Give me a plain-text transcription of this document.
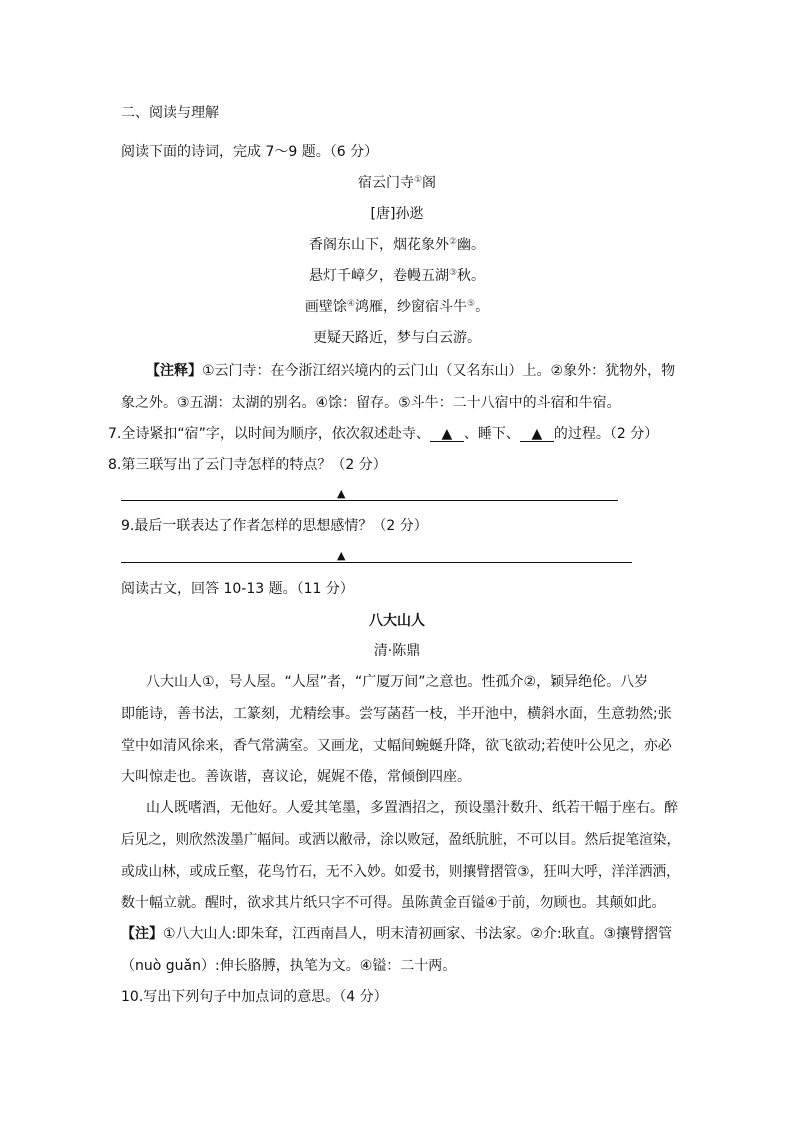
二、阅读与理解
阅读下面的诗词，完成 7～9 题。（6 分）
宿云门寺①阁
[唐]孙逖
香阁东山下，烟花象外②幽。
悬灯千嶂夕，卷幔五湖③秋。
画壁馀④鸿雁，纱窗宿斗牛⑤。
更疑天路近，梦与白云游。
【注释】①云门寺：在今浙江绍兴境内的云门山（又名东山）上。②象外：犹物外，物
象之外。③五湖：太湖的别名。④馀：留存。⑤斗牛：二十八宿中的斗宿和牛宿。
7.全诗紧扣“宿”字，以时间为顺序，依次叙述赴寺、 ▲ 、睡下、 ▲ 的过程。（2 分）
8.第三联写出了云门寺怎样的特点？（2 分）
▲
9.最后一联表达了作者怎样的思想感情？（2 分）
▲
阅读古文，回答 10-13 题。（11 分）
八大山人
清·陈鼎
八大山人①，号人屋。“人屋”者，“广厦万间”之意也。性孤介②，颖异绝伦。八岁
即能诗，善书法，工篆刻，尤精绘事。尝写菡萏一枝，半开池中，横斜水面，生意勃然;张
堂中如清风徐来，香气常满室。又画龙，丈幅间蜿蜒升降，欲飞欲动;若使叶公见之，亦必
大叫惊走也。善诙谐，喜议论，娓娓不倦，常倾倒四座。
山人既嗜酒，无他好。人爱其笔墨，多置酒招之，预设墨汁数升、纸若干幅于座右。醉
后见之，则欣然泼墨广幅间。或洒以敝帚，涂以败冠，盈纸肮脏，不可以目。然后捉笔渲染，
或成山林，或成丘壑，花鸟竹石，无不入妙。如爱书，则攘臂摺管③，狂叫大呼，洋洋洒洒，
数十幅立就。醒时，欲求其片纸只字不可得。虽陈黄金百镒④于前，勿顾也。其颠如此。
【注】①八大山人:即朱耷，江西南昌人，明末清初画家、书法家。②介:耿直。③攘臂摺管
（nuò guǎn）:伸长胳膊，执笔为文。④镒：二十两。
10.写出下列句子中加点词的意思。（4 分）
